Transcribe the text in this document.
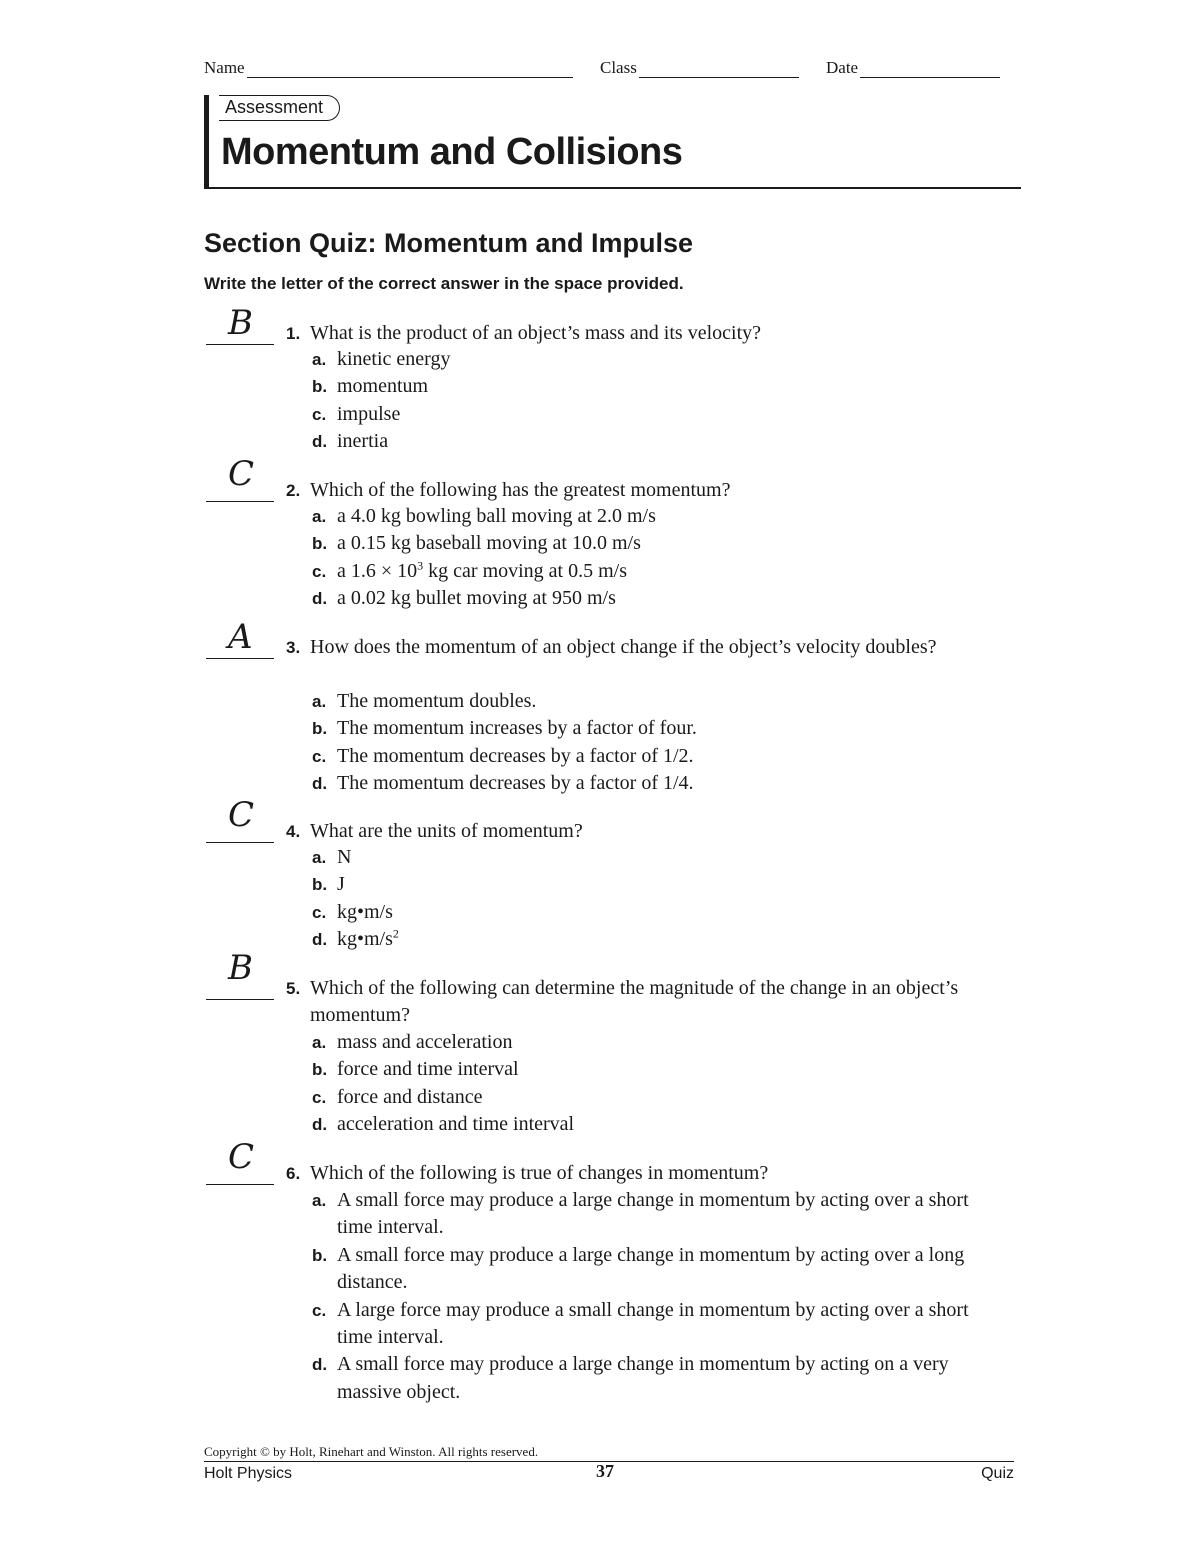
Name	Class	Date
Assessment
Momentum and Collisions
Section Quiz: Momentum and Impulse
Write the letter of the correct answer in the space provided.
B 1. What is the product of an object’s mass and its velocity?
a. kinetic energy
b. momentum
c. impulse
d. inertia
C 2. Which of the following has the greatest momentum?
a. a 4.0 kg bowling ball moving at 2.0 m/s
b. a 0.15 kg baseball moving at 10.0 m/s
c. a $1.6 \times 10^3$ kg car moving at 0.5 m/s
d. a 0.02 kg bullet moving at 950 m/s
A 3. How does the momentum of an object change if the object’s velocity doubles?
a. The momentum doubles.
b. The momentum increases by a factor of four.
c. The momentum decreases by a factor of 1/2.
d. The momentum decreases by a factor of 1/4.
C 4. What are the units of momentum?
a. N
b. J
c. kg•m/s
d. $kg•m/s^2$
B
5. Which of the following can determine the magnitude of the change in an object’s momentum?
a. mass and acceleration
b. force and time interval
c. force and distance
d. acceleration and time interval
C 6. Which of the following is true of changes in momentum?
a. A small force may produce a large change in momentum by acting over a short time interval.
b. A small force may produce a large change in momentum by acting over a long distance.
c. A large force may produce a small change in momentum by acting over a short time interval.
d. A small force may produce a large change in momentum by acting on a very massive object.
Copyright © by Holt, Rinehart and Winston. All rights reserved.
Holt Physics	37	Quiz
